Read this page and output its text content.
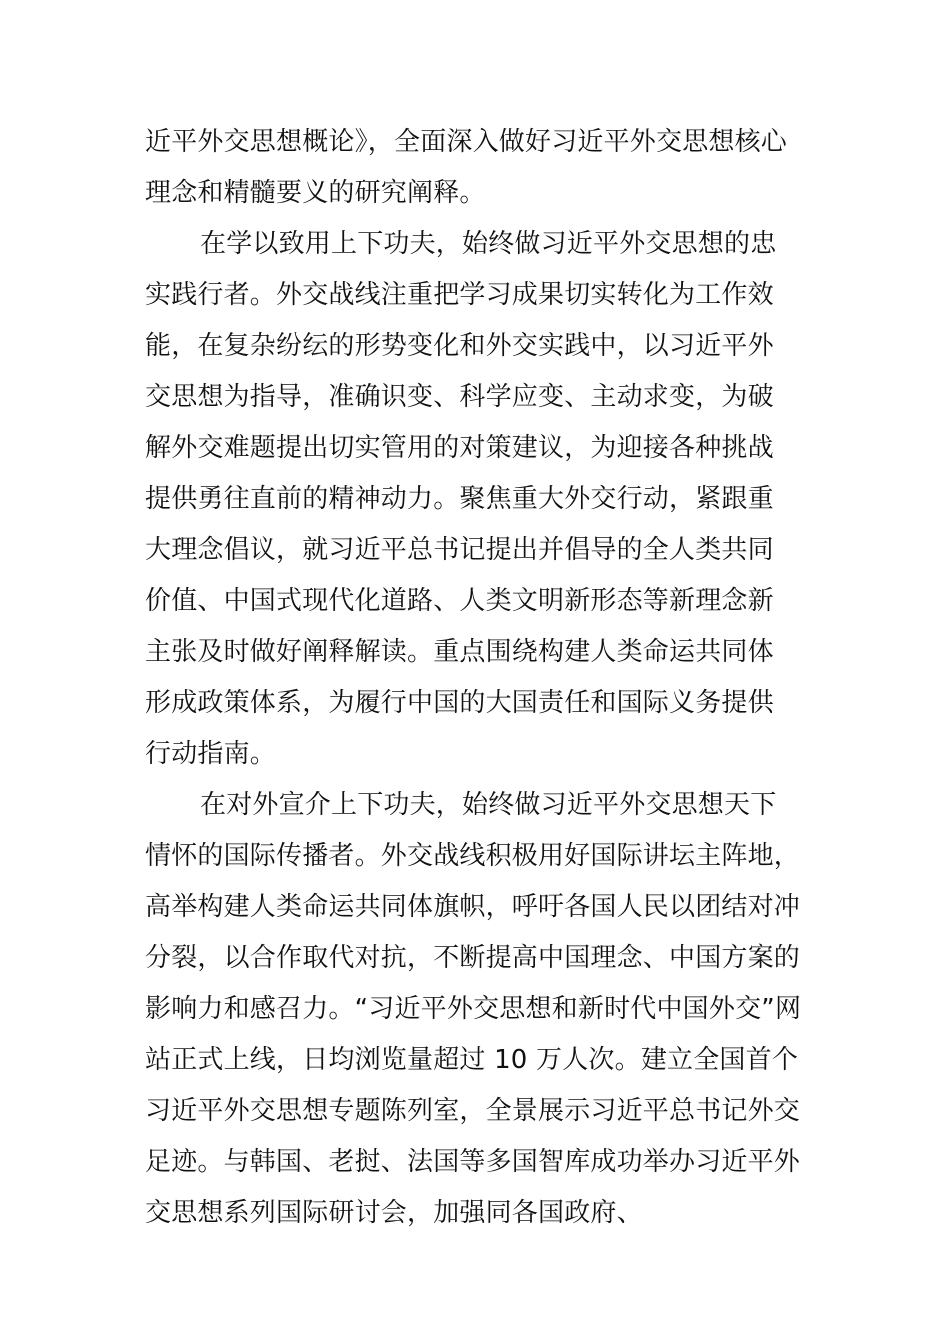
近平外交思想概论》，全面深入做好习近平外交思想核心
理念和精髓要义的研究阐释。
在学以致用上下功夫，始终做习近平外交思想的忠
实践行者。外交战线注重把学习成果切实转化为工作效
能，在复杂纷纭的形势变化和外交实践中，以习近平外
交思想为指导，准确识变、科学应变、主动求变，为破
解外交难题提出切实管用的对策建议，为迎接各种挑战
提供勇往直前的精神动力。聚焦重大外交行动，紧跟重
大理念倡议，就习近平总书记提出并倡导的全人类共同
价值、中国式现代化道路、人类文明新形态等新理念新
主张及时做好阐释解读。重点围绕构建人类命运共同体
形成政策体系，为履行中国的大国责任和国际义务提供
行动指南。
在对外宣介上下功夫，始终做习近平外交思想天下
情怀的国际传播者。外交战线积极用好国际讲坛主阵地，
高举构建人类命运共同体旗帜，呼吁各国人民以团结对冲
分裂，以合作取代对抗，不断提高中国理念、中国方案的
影响力和感召力。“习近平外交思想和新时代中国外交”网
站正式上线，日均浏览量超过 10 万人次。建立全国首个
习近平外交思想专题陈列室，全景展示习近平总书记外交
足迹。与韩国、老挝、法国等多国智库成功举办习近平外
交思想系列国际研讨会，加强同各国政府、
